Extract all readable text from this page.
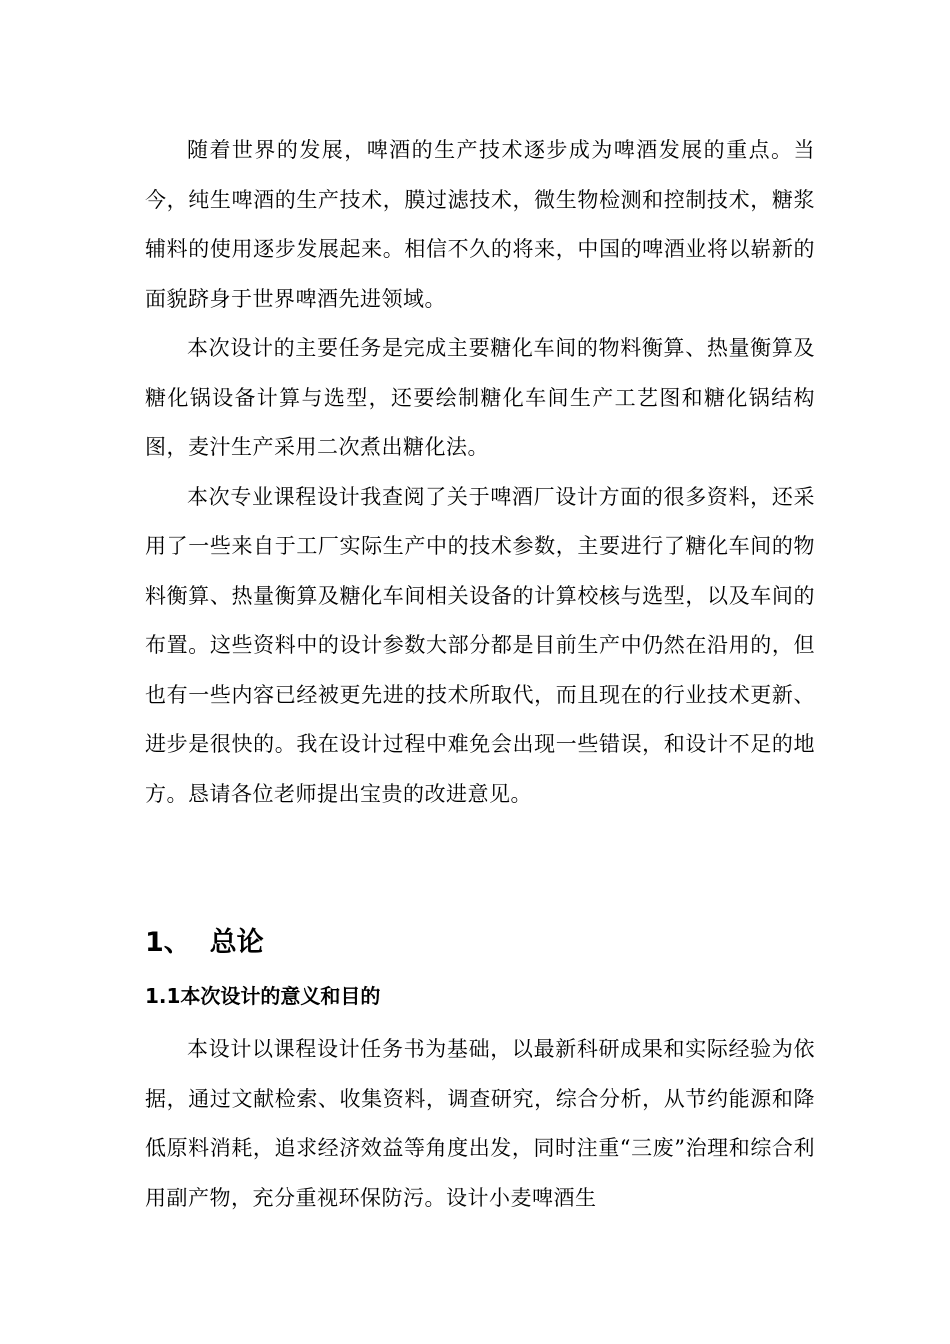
随着世界的发展，啤酒的生产技术逐步成为啤酒发展的重点。当今，纯生啤酒的生产技术，膜过滤技术，微生物检测和控制技术，糖浆辅料的使用逐步发展起来。相信不久的将来，中国的啤酒业将以崭新的面貌跻身于世界啤酒先进领域。

本次设计的主要任务是完成主要糖化车间的物料衡算、热量衡算及糖化锅设备计算与选型，还要绘制糖化车间生产工艺图和糖化锅结构图，麦汁生产采用二次煮出糖化法。

本次专业课程设计我查阅了关于啤酒厂设计方面的很多资料，还采用了一些来自于工厂实际生产中的技术参数，主要进行了糖化车间的物料衡算、热量衡算及糖化车间相关设备的计算校核与选型，以及车间的布置。这些资料中的设计参数大部分都是目前生产中仍然在沿用的，但也有一些内容已经被更先进的技术所取代，而且现在的行业技术更新、进步是很快的。我在设计过程中难免会出现一些错误，和设计不足的地方。恳请各位老师提出宝贵的改进意见。

1、  总论
1.1本次设计的意义和目的

本设计以课程设计任务书为基础，以最新科研成果和实际经验为依据，通过文献检索、收集资料，调查研究，综合分析，从节约能源和降低原料消耗，追求经济效益等角度出发，同时注重“三废”治理和综合利用副产物，充分重视环保防污。设计小麦啤酒生
